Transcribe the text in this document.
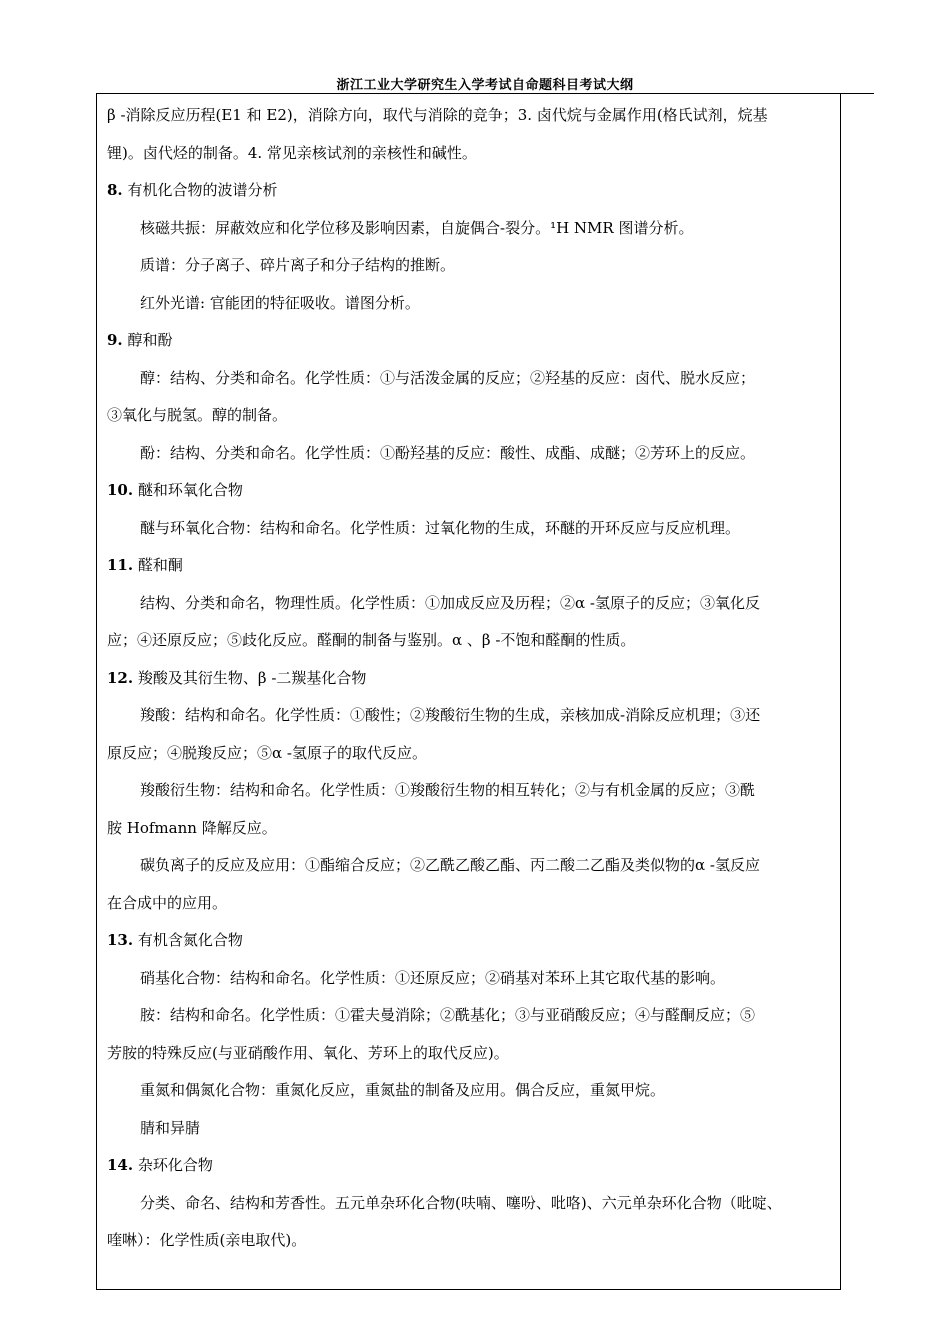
浙江工业大学研究生入学考试自命题科目考试大纲
β -消除反应历程(E1 和 E2)，消除方向，取代与消除的竞争；3. 卤代烷与金属作用(格氏试剂，烷基
锂)。卤代烃的制备。4. 常见亲核试剂的亲核性和碱性。
8. 有机化合物的波谱分析
核磁共振：屏蔽效应和化学位移及影响因素，自旋偶合-裂分。¹H NMR 图谱分析。
质谱：分子离子、碎片离子和分子结构的推断。
红外光谱: 官能团的特征吸收。谱图分析。
9. 醇和酚
醇：结构、分类和命名。化学性质：①与活泼金属的反应；②羟基的反应：卤代、脱水反应；
③氧化与脱氢。醇的制备。
酚：结构、分类和命名。化学性质：①酚羟基的反应：酸性、成酯、成醚；②芳环上的反应。
10. 醚和环氧化合物
醚与环氧化合物：结构和命名。化学性质：过氧化物的生成，环醚的开环反应与反应机理。
11. 醛和酮
结构、分类和命名，物理性质。化学性质：①加成反应及历程；②α -氢原子的反应；③氧化反
应；④还原反应；⑤歧化反应。醛酮的制备与鉴别。α 、β -不饱和醛酮的性质。
12. 羧酸及其衍生物、β -二羰基化合物
羧酸：结构和命名。化学性质：①酸性；②羧酸衍生物的生成，亲核加成-消除反应机理；③还
原反应；④脱羧反应；⑤α -氢原子的取代反应。
羧酸衍生物：结构和命名。化学性质：①羧酸衍生物的相互转化；②与有机金属的反应；③酰
胺 Hofmann 降解反应。
碳负离子的反应及应用：①酯缩合反应；②乙酰乙酸乙酯、丙二酸二乙酯及类似物的α -氢反应
在合成中的应用。
13. 有机含氮化合物
硝基化合物：结构和命名。化学性质：①还原反应；②硝基对苯环上其它取代基的影响。
胺：结构和命名。化学性质：①霍夫曼消除；②酰基化；③与亚硝酸反应；④与醛酮反应；⑤
芳胺的特殊反应(与亚硝酸作用、氧化、芳环上的取代反应)。
重氮和偶氮化合物：重氮化反应，重氮盐的制备及应用。偶合反应，重氮甲烷。
腈和异腈
14. 杂环化合物
分类、命名、结构和芳香性。五元单杂环化合物(呋喃、噻吩、吡咯)、六元单杂环化合物（吡啶、
喹啉）：化学性质(亲电取代)。
